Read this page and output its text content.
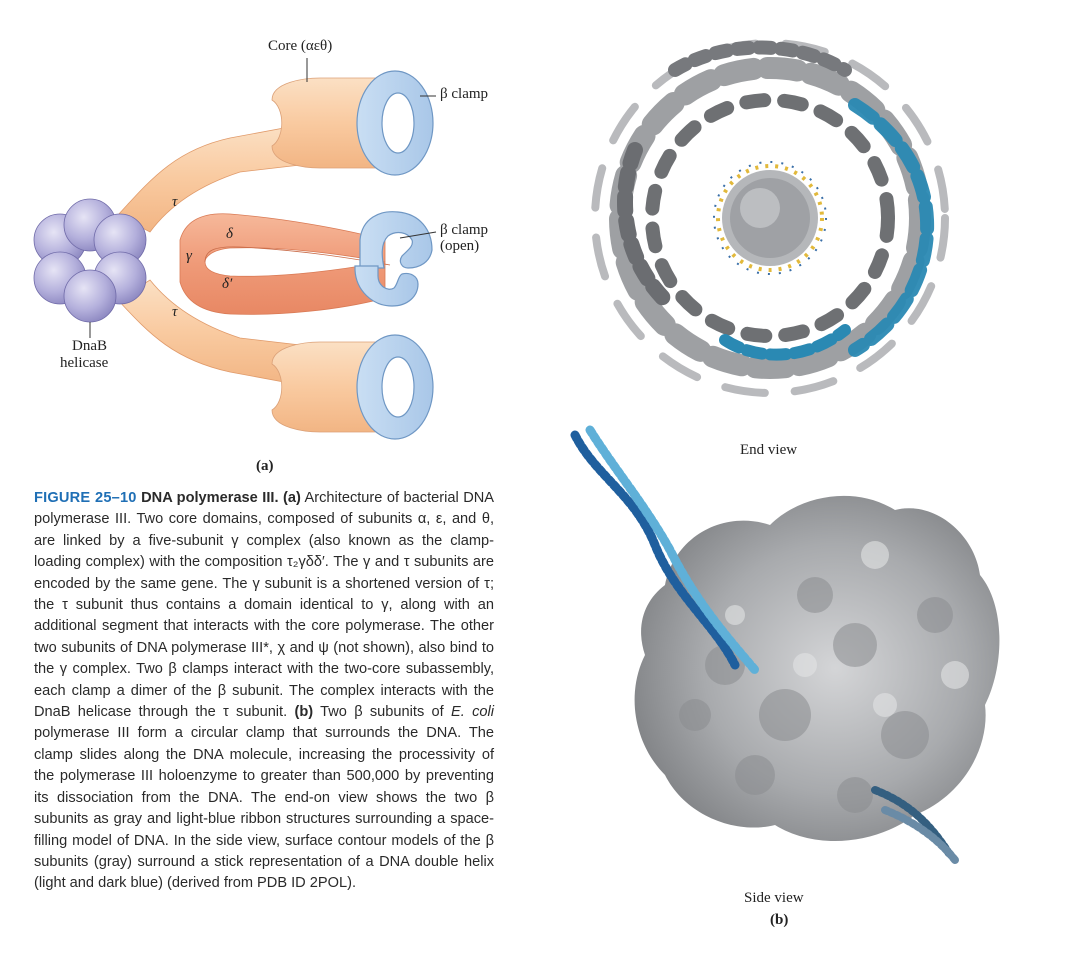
Core (αεθ)
β clamp
β clamp
(open)
τ
δ
γ
δ′
τ
DnaB
helicase
(a)
FIGURE 25–10 DNA polymerase III. (a) Architecture of bacterial DNA polymerase III. Two core domains, composed of subunits α, ε, and θ, are linked by a five-subunit γ complex (also known as the clamp-loading complex) with the composition τ₂γδδ′. The γ and τ subunits are encoded by the same gene. The γ subunit is a shortened version of τ; the τ subunit thus contains a domain identical to γ, along with an additional segment that interacts with the core polymerase. The other two subunits of DNA polymerase III*, χ and ψ (not shown), also bind to the γ complex. Two β clamps interact with the two-core subassembly, each clamp a dimer of the β subunit. The complex interacts with the DnaB helicase through the τ subunit. (b) Two β subunits of E. coli polymerase III form a circular clamp that surrounds the DNA. The clamp slides along the DNA molecule, increasing the processivity of the polymerase III holoenzyme to greater than 500,000 by preventing its dissociation from the DNA. The end-on view shows the two β subunits as gray and light-blue ribbon structures surrounding a space-filling model of DNA. In the side view, surface contour models of the β subunits (gray) surround a stick representation of a DNA double helix (light and dark blue) (derived from PDB ID 2POL).
End view
Side view
(b)
